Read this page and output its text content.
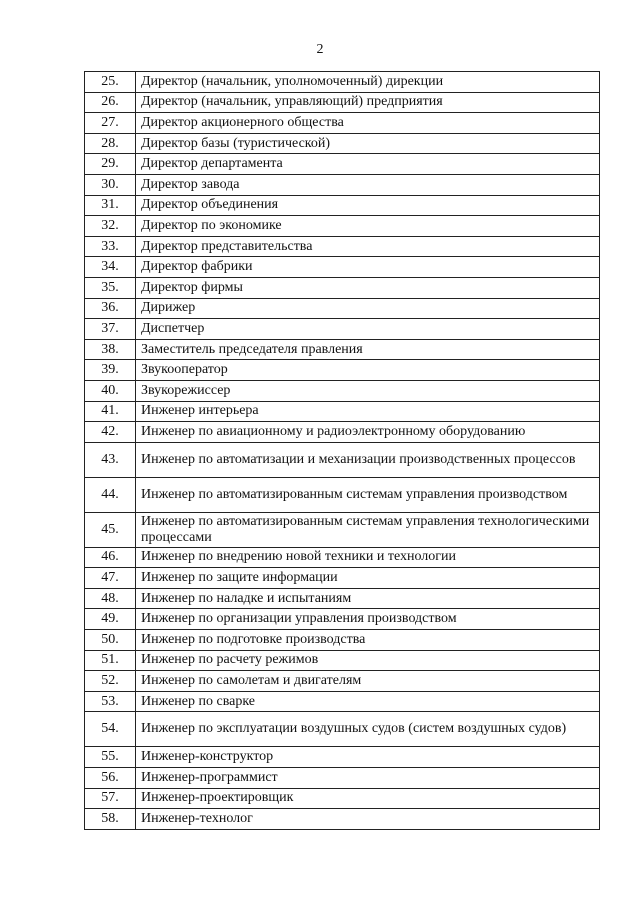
2
25.	Директор (начальник, уполномоченный) дирекции
26.	Директор (начальник, управляющий) предприятия
27.	Директор акционерного общества
28.	Директор базы (туристической)
29.	Директор департамента
30.	Директор завода
31.	Директор объединения
32.	Директор по экономике
33.	Директор представительства
34.	Директор фабрики
35.	Директор фирмы
36.	Дирижер
37.	Диспетчер
38.	Заместитель председателя правления
39.	Звукооператор
40.	Звукорежиссер
41.	Инженер интерьера
42.	Инженер по авиационному и радиоэлектронному оборудованию
43.	Инженер по автоматизации и механизации производственных процессов
44.	Инженер по автоматизированным системам управления производством
45.	Инженер по автоматизированным системам управления технологическими процессами
46.	Инженер по внедрению новой техники и технологии
47.	Инженер по защите информации
48.	Инженер по наладке и испытаниям
49.	Инженер по организации управления производством
50.	Инженер по подготовке производства
51.	Инженер по расчету режимов
52.	Инженер по самолетам и двигателям
53.	Инженер по сварке
54.	Инженер по эксплуатации воздушных судов (систем воздушных судов)
55.	Инженер-конструктор
56.	Инженер-программист
57.	Инженер-проектировщик
58.	Инженер-технолог
